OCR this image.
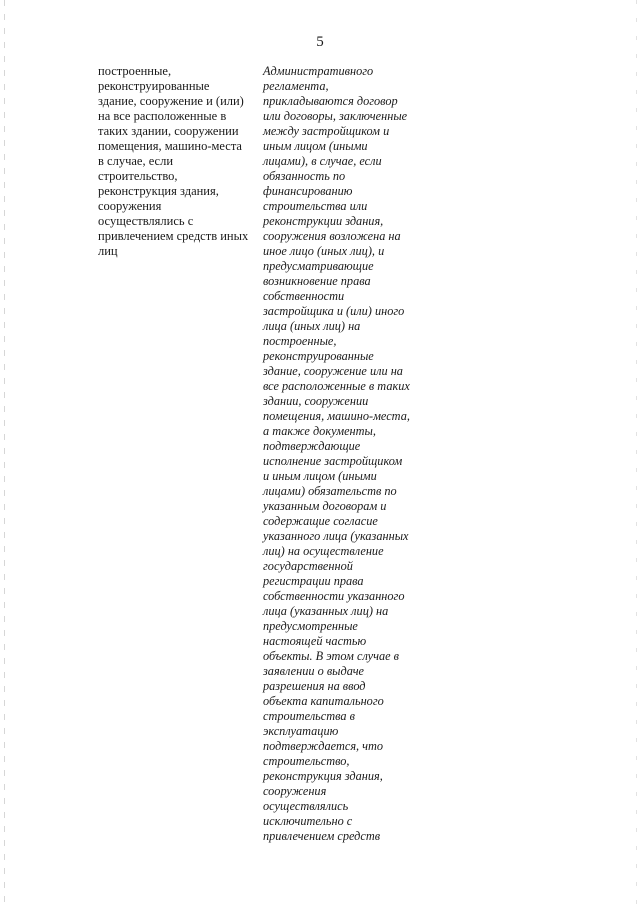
5
построенные,
реконструированные
здание, сооружение и (или)
на все расположенные в
таких здании, сооружении
помещения, машино-места
в случае, если
строительство,
реконструкция здания,
сооружения
осуществлялись с
привлечением средств иных
лиц
Административного
регламента,
прикладываются договор
или договоры, заключенные
между застройщиком и
иным лицом (иными
лицами), в случае, если
обязанность по
финансированию
строительства или
реконструкции здания,
сооружения возложена на
иное лицо (иных лиц), и
предусматривающие
возникновение права
собственности
застройщика и (или) иного
лица (иных лиц) на
построенные,
реконструированные
здание, сооружение или на
все расположенные в таких
здании, сооружении
помещения, машино-места,
а также документы,
подтверждающие
исполнение застройщиком
и иным лицом (иными
лицами) обязательств по
указанным договорам и
содержащие согласие
указанного лица (указанных
лиц) на осуществление
государственной
регистрации права
собственности указанного
лица (указанных лиц) на
предусмотренные
настоящей частью
объекты. В этом случае в
заявлении о выдаче
разрешения на ввод
объекта капитального
строительства в
эксплуатацию
подтверждается, что
строительство,
реконструкция здания,
сооружения
осуществлялись
исключительно с
привлечением средств
